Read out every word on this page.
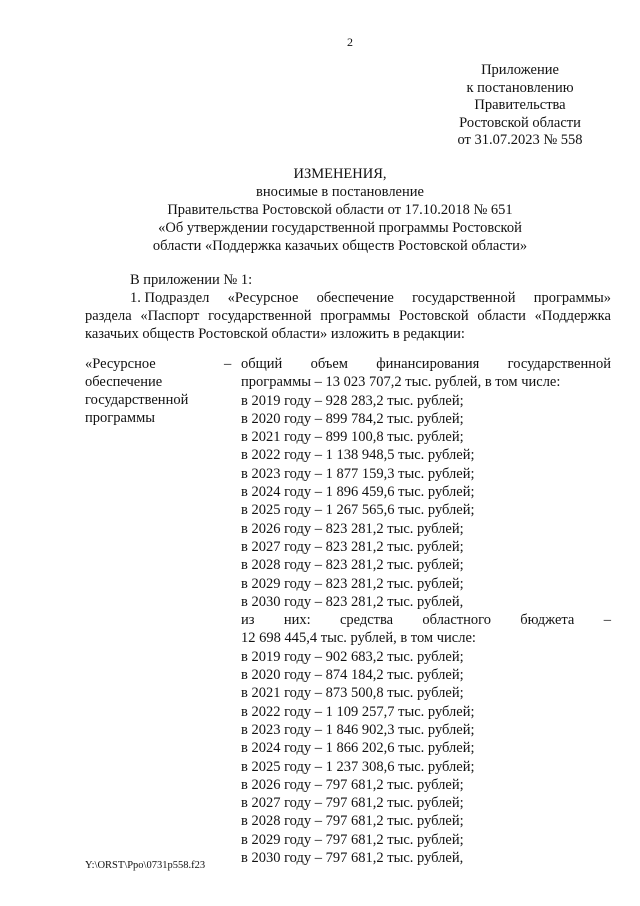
2
Приложение
к постановлению
Правительства
Ростовской области
от 31.07.2023 № 558
ИЗМЕНЕНИЯ,
вносимые в постановление
Правительства Ростовской области от 17.10.2018 № 651
«Об утверждении государственной программы Ростовской
области «Поддержка казачьих обществ Ростовской области»
В приложении № 1:
1. Подраздел «Ресурсное обеспечение государственной программы»
раздела «Паспорт государственной программы Ростовской области «Поддержка
казачьих обществ Ростовской области» изложить в редакции:
«Ресурсное
обеспечение
государственной
программы
– общий объем финансирования государственной
программы – 13 023 707,2 тыс. рублей, в том числе:
в 2019 году – 928 283,2 тыс. рублей;
в 2020 году – 899 784,2 тыс. рублей;
в 2021 году – 899 100,8 тыс. рублей;
в 2022 году – 1 138 948,5 тыс. рублей;
в 2023 году – 1 877 159,3 тыс. рублей;
в 2024 году – 1 896 459,6 тыс. рублей;
в 2025 году – 1 267 565,6 тыс. рублей;
в 2026 году – 823 281,2 тыс. рублей;
в 2027 году – 823 281,2 тыс. рублей;
в 2028 году – 823 281,2 тыс. рублей;
в 2029 году – 823 281,2 тыс. рублей;
в 2030 году – 823 281,2 тыс. рублей,
из них: средства областного бюджета –
12 698 445,4 тыс. рублей, в том числе:
в 2019 году – 902 683,2 тыс. рублей;
в 2020 году – 874 184,2 тыс. рублей;
в 2021 году – 873 500,8 тыс. рублей;
в 2022 году – 1 109 257,7 тыс. рублей;
в 2023 году – 1 846 902,3 тыс. рублей;
в 2024 году – 1 866 202,6 тыс. рублей;
в 2025 году – 1 237 308,6 тыс. рублей;
в 2026 году – 797 681,2 тыс. рублей;
в 2027 году – 797 681,2 тыс. рублей;
в 2028 году – 797 681,2 тыс. рублей;
в 2029 году – 797 681,2 тыс. рублей;
в 2030 году – 797 681,2 тыс. рублей,
Y:\ORST\Ppo\0731p558.f23
